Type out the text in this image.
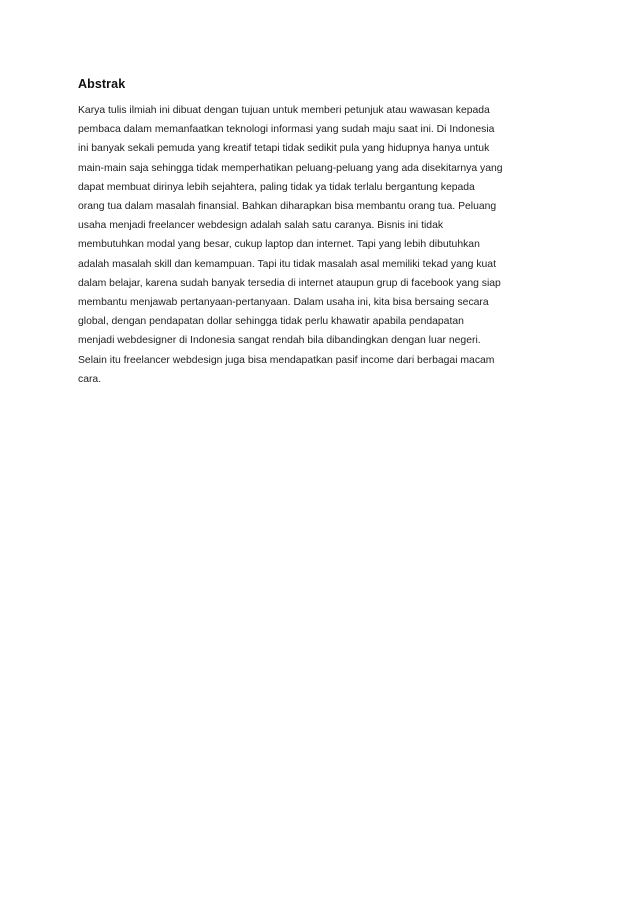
Abstrak
Karya tulis ilmiah ini dibuat dengan tujuan untuk memberi petunjuk atau wawasan kepada
pembaca dalam memanfaatkan teknologi informasi yang sudah maju saat ini. Di Indonesia
ini banyak sekali pemuda yang kreatif tetapi tidak sedikit pula yang hidupnya hanya untuk
main-main saja sehingga tidak memperhatikan peluang-peluang yang ada disekitarnya yang
dapat membuat dirinya lebih sejahtera, paling tidak ya tidak terlalu bergantung kepada
orang tua dalam masalah finansial. Bahkan diharapkan bisa membantu orang tua. Peluang
usaha menjadi freelancer webdesign adalah salah satu caranya. Bisnis ini tidak
membutuhkan modal yang besar, cukup laptop dan internet. Tapi yang lebih dibutuhkan
adalah masalah skill dan kemampuan. Tapi itu tidak masalah asal memiliki tekad yang kuat
dalam belajar, karena sudah banyak tersedia di internet ataupun grup di facebook yang siap
membantu menjawab pertanyaan-pertanyaan. Dalam usaha ini, kita bisa bersaing secara
global, dengan pendapatan dollar sehingga tidak perlu khawatir apabila pendapatan
menjadi webdesigner di Indonesia sangat rendah bila dibandingkan dengan luar negeri.
Selain itu freelancer webdesign juga bisa mendapatkan pasif income dari berbagai macam
cara.
